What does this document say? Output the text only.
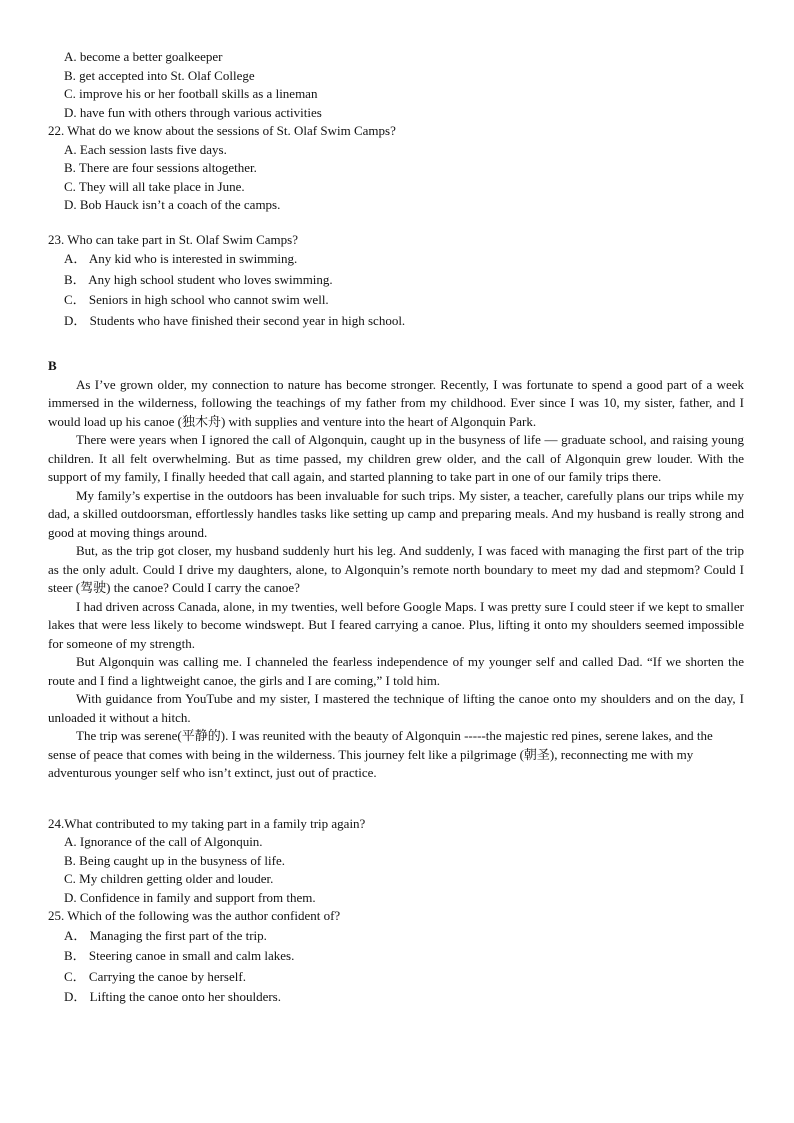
A. become a better goalkeeper
B. get accepted into St. Olaf College
C. improve his or her football skills as a lineman
D. have fun with others through various activities
22. What do we know about the sessions of St. Olaf Swim Camps?
A. Each session lasts five days.
B. There are four sessions altogether.
C. They will all take place in June.
D. Bob Hauck isn’t a coach of the camps.
23. Who can take part in St. Olaf Swim Camps?
A． Any kid who is interested in swimming.
B． Any high school student who loves swimming.
C． Seniors in high school who cannot swim well.
D． Students who have finished their second year in high school.
B

As I’ve grown older, my connection to nature has become stronger. Recently, I was fortunate to spend a good part of a week immersed in the wilderness, following the teachings of my father from my childhood. Ever since I was 10, my sister, father, and I would load up his canoe (独木舟) with supplies and venture into the heart of Algonquin Park.

There were years when I ignored the call of Algonquin, caught up in the busyness of life — graduate school, and raising young children. It all felt overwhelming. But as time passed, my children grew older, and the call of Algonquin grew louder. With the support of my family, I finally heeded that call again, and started planning to take part in one of our family trips there.

My family’s expertise in the outdoors has been invaluable for such trips. My sister, a teacher, carefully plans our trips while my dad, a skilled outdoorsman, effortlessly handles tasks like setting up camp and preparing meals. And my husband is really strong and good at moving things around.

But, as the trip got closer, my husband suddenly hurt his leg. And suddenly, I was faced with managing the first part of the trip as the only adult. Could I drive my daughters, alone, to Algonquin’s remote north boundary to meet my dad and stepmom? Could I steer (驾驶) the canoe? Could I carry the canoe?

I had driven across Canada, alone, in my twenties, well before Google Maps. I was pretty sure I could steer if we kept to smaller lakes that were less likely to become windswept. But I feared carrying a canoe. Plus, lifting it onto my shoulders seemed impossible for someone of my strength.

But Algonquin was calling me. I channeled the fearless independence of my younger self and called Dad. “If we shorten the route and I find a lightweight canoe, the girls and I are coming,” I told him.

With guidance from YouTube and my sister, I mastered the technique of lifting the canoe onto my shoulders and on the day, I unloaded it without a hitch.

The trip was serene(平静的). I was reunited with the beauty of Algonquin -----the majestic red pines, serene lakes, and the sense of peace that comes with being in the wilderness. This journey felt like a pilgrimage (朝圣), reconnecting me with my

adventurous younger self who isn’t extinct, just out of practice.
24.What contributed to my taking part in a family trip again?
A. Ignorance of the call of Algonquin.
B. Being caught up in the busyness of life.
C. My children getting older and louder.
D. Confidence in family and support from them.
25. Which of the following was the author confident of?
A． Managing the first part of the trip.
B． Steering canoe in small and calm lakes.
C． Carrying the canoe by herself.
D． Lifting the canoe onto her shoulders.
